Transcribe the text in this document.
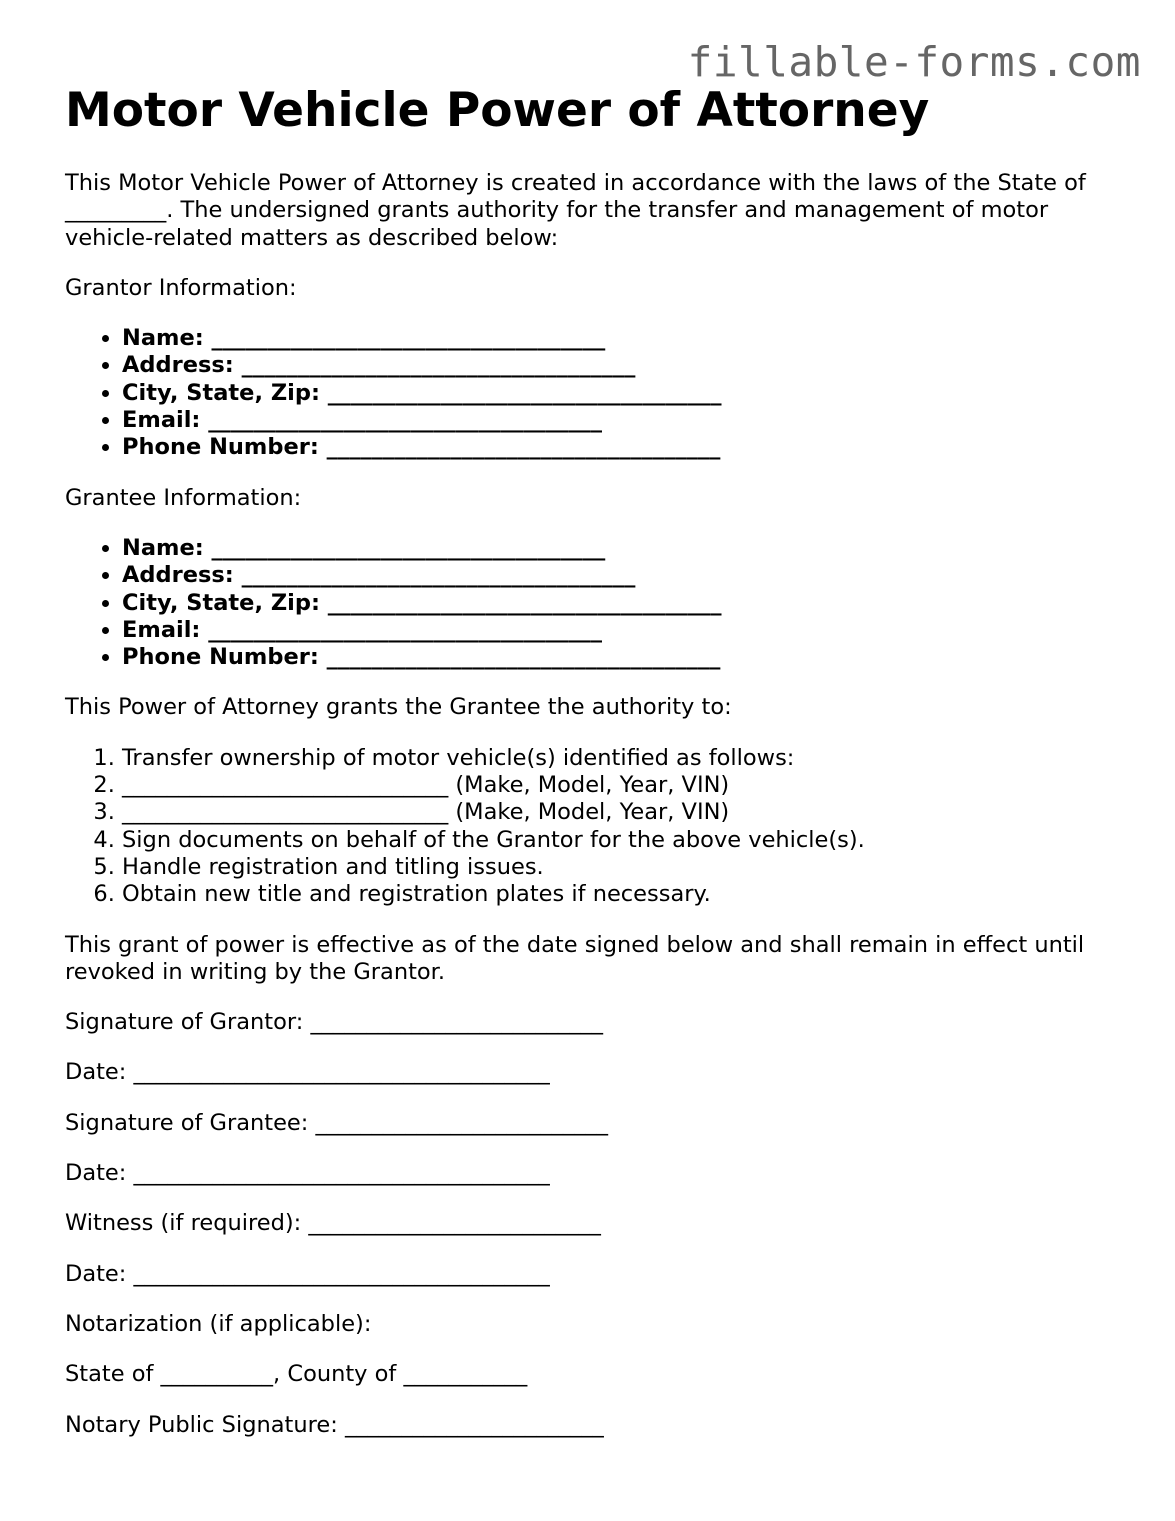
fillable-forms.com
Motor Vehicle Power of Attorney

This Motor Vehicle Power of Attorney is created in accordance with the laws of the State of _________. The undersigned grants authority for the transfer and management of motor vehicle-related matters as described below:

Grantor Information:

• Name: ___________________________________
• Address: ___________________________________
• City, State, Zip: ___________________________________
• Email: ___________________________________
• Phone Number: ___________________________________

Grantee Information:

• Name: ___________________________________
• Address: ___________________________________
• City, State, Zip: ___________________________________
• Email: ___________________________________
• Phone Number: ___________________________________

This Power of Attorney grants the Grantee the authority to:

1. Transfer ownership of motor vehicle(s) identified as follows:
2. _____________________________ (Make, Model, Year, VIN)
3. _____________________________ (Make, Model, Year, VIN)
4. Sign documents on behalf of the Grantor for the above vehicle(s).
5. Handle registration and titling issues.
6. Obtain new title and registration plates if necessary.

This grant of power is effective as of the date signed below and shall remain in effect until revoked in writing by the Grantor.

Signature of Grantor: __________________________

Date: _____________________________________

Signature of Grantee: __________________________

Date: _____________________________________

Witness (if required): __________________________

Date: _____________________________________

Notarization (if applicable):

State of __________, County of ___________

Notary Public Signature: _______________________
